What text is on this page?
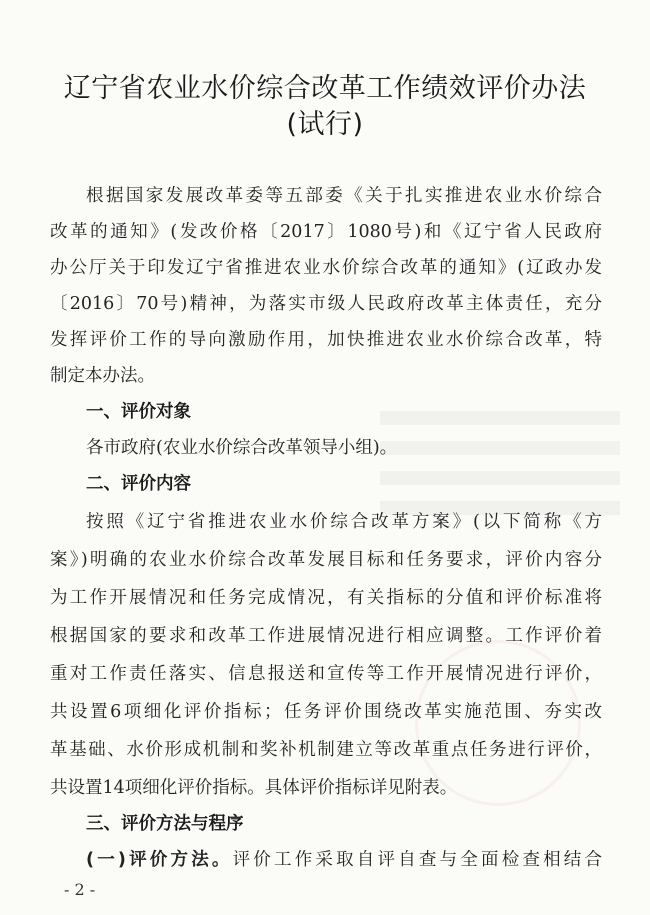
辽宁省农业水价综合改革工作绩效评价办法
(试行)
根据国家发展改革委等五部委《关于扎实推进农业水价综合
改革的通知》(发改价格〔2017〕1080号)和《辽宁省人民政府
办公厅关于印发辽宁省推进农业水价综合改革的通知》(辽政办发
〔2016〕70号)精神，为落实市级人民政府改革主体责任，充分
发挥评价工作的导向激励作用，加快推进农业水价综合改革，特
制定本办法。
一、评价对象
各市政府(农业水价综合改革领导小组)。
二、评价内容
按照《辽宁省推进农业水价综合改革方案》(以下简称《方
案》)明确的农业水价综合改革发展目标和任务要求，评价内容分
为工作开展情况和任务完成情况，有关指标的分值和评价标准将
根据国家的要求和改革工作进展情况进行相应调整。工作评价着
重对工作责任落实、信息报送和宣传等工作开展情况进行评价，
共设置6项细化评价指标；任务评价围绕改革实施范围、夯实改
革基础、水价形成机制和奖补机制建立等改革重点任务进行评价，
共设置14项细化评价指标。具体评价指标详见附表。
- 2 -
三、评价方法与程序
(一)评价方法。评价工作采取自评自查与全面检查相结合
